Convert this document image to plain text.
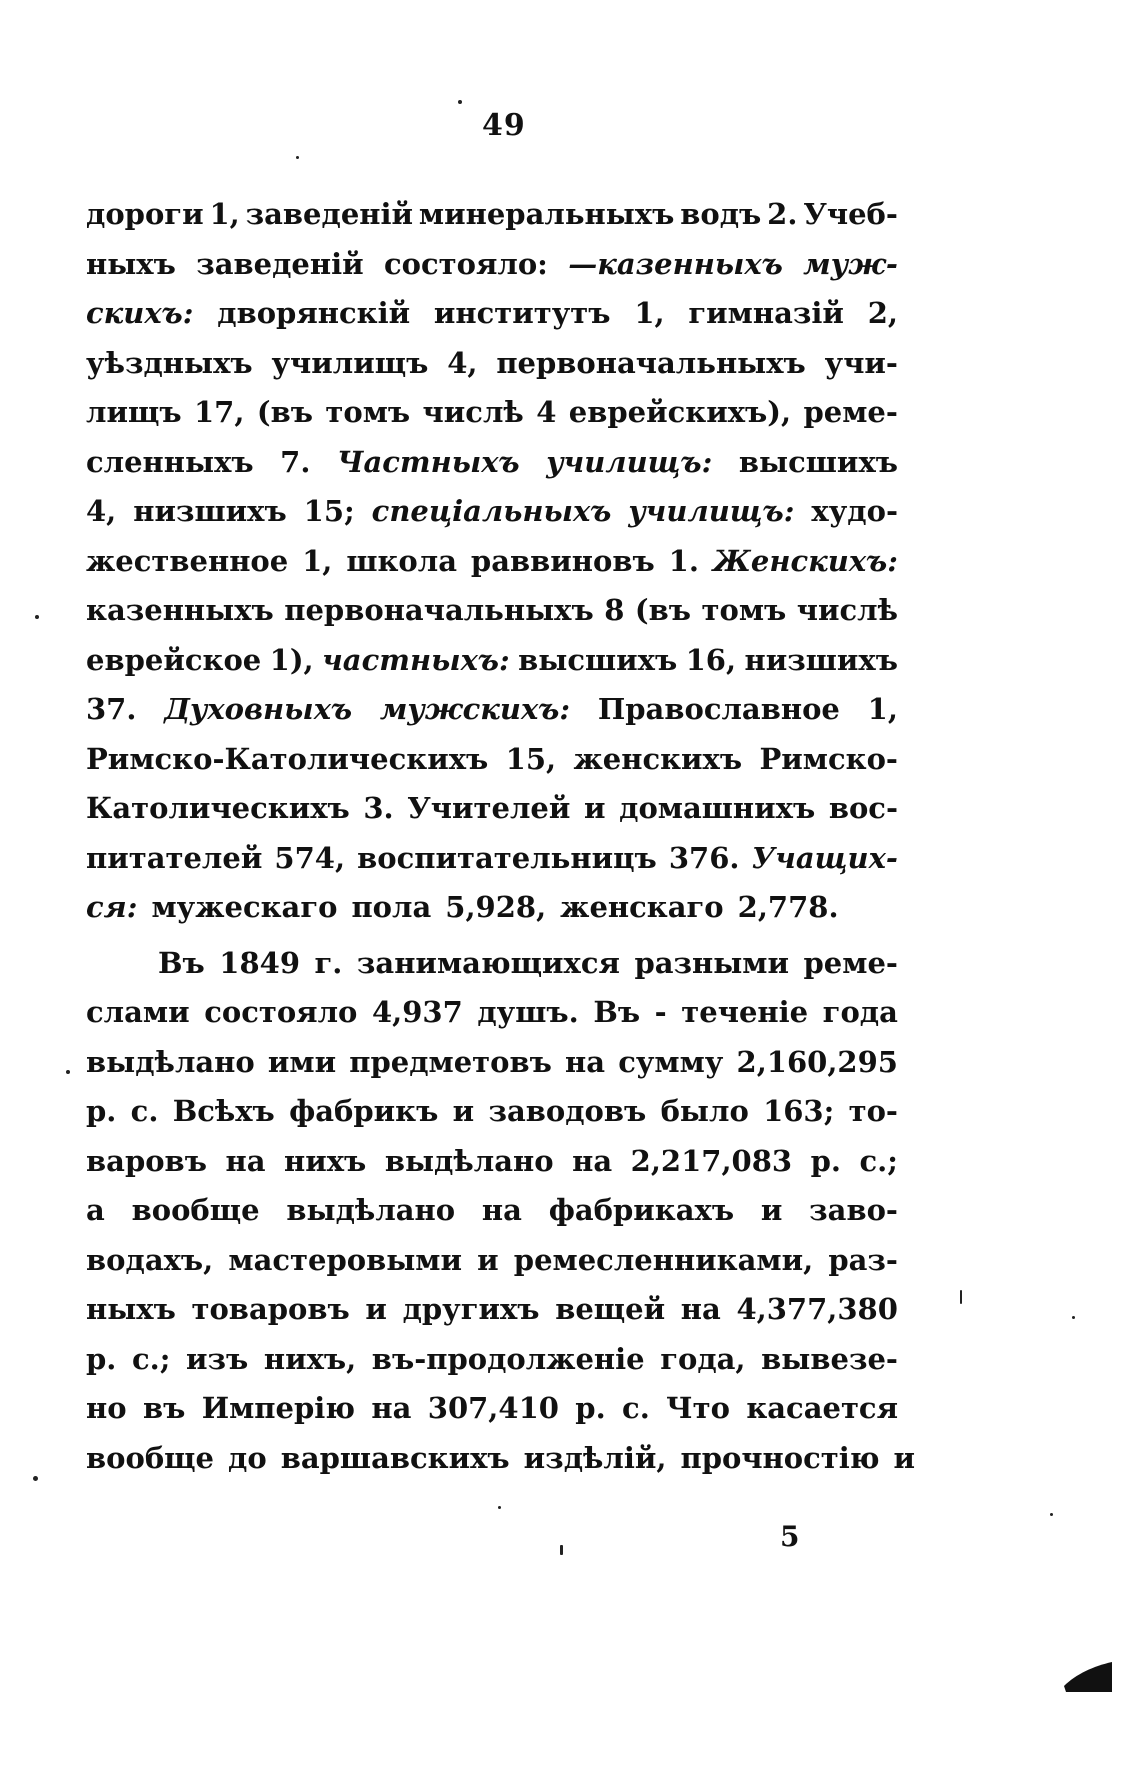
49
дороги 1, заведеній минеральныхъ водъ 2. Учеб-
ныхъ заведеній состояло: —казенныхъ муж-
скихъ: дворянскій институтъ 1, гимназій 2,
уѣздныхъ училищъ 4, первоначальныхъ учи-
лищъ 17, (въ томъ числѣ 4 еврейскихъ), реме-
сленныхъ 7. Частныхъ училищъ: высшихъ
4, низшихъ 15; спеціальныхъ училищъ: худо-
жественное 1, школа раввиновъ 1. Женскихъ:
казенныхъ первоначальныхъ 8 (въ томъ числѣ
еврейское 1), частныхъ: высшихъ 16, низшихъ
37. Духовныхъ мужскихъ: Православное 1,
Римско-Католическихъ 15, женскихъ Римско-
Католическихъ 3. Учителей и домашнихъ вос-
питателей 574, воспитательницъ 376. Учащих-
ся: мужескаго пола 5,928, женскаго 2,778.
Въ 1849 г. занимающихся разными реме-
слами состояло 4,937 душъ. Въ - теченіе года
выдѣлано ими предметовъ на сумму 2,160,295
р. с. Всѣхъ фабрикъ и заводовъ было 163; то-
варовъ на нихъ выдѣлано на 2,217,083 р. с.;
а вообще выдѣлано на фабрикахъ и заво-
водахъ, мастеровыми и ремесленниками, раз-
ныхъ товаровъ и другихъ вещей на 4,377,380
р. с.; изъ нихъ, въ-продолженіе года, вывезе-
но въ Имперію на 307,410 р. с. Что касается
вообще до варшавскихъ издѣлій, прочностію и
5
